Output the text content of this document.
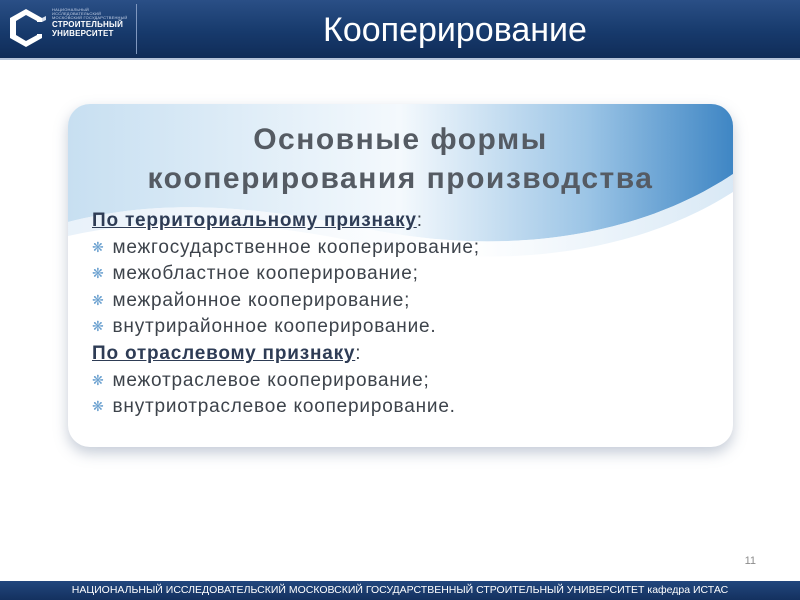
НАЦИОНАЛЬНЫЙ ИССЛЕДОВАТЕЛЬСКИЙ
МОСКОВСКИЙ ГОСУДАРСТВЕННЫЙ
СТРОИТЕЛЬНЫЙ
УНИВЕРСИТЕТ	Кооперирование
Основные формы
кооперирования производства
По территориальному признаку:
❋ межгосударственное кооперирование;
❋ межобластное кооперирование;
❋ межрайонное кооперирование;
❋ внутрирайонное кооперирование.
По отраслевому признаку:
❋ межотраслевое кооперирование;
❋ внутриотраслевое кооперирование.
11
НАЦИОНАЛЬНЫЙ ИССЛЕДОВАТЕЛЬСКИЙ МОСКОВСКИЙ ГОСУДАРСТВЕННЫЙ СТРОИТЕЛЬНЫЙ УНИВЕРСИТЕТ кафедра ИСТАС
